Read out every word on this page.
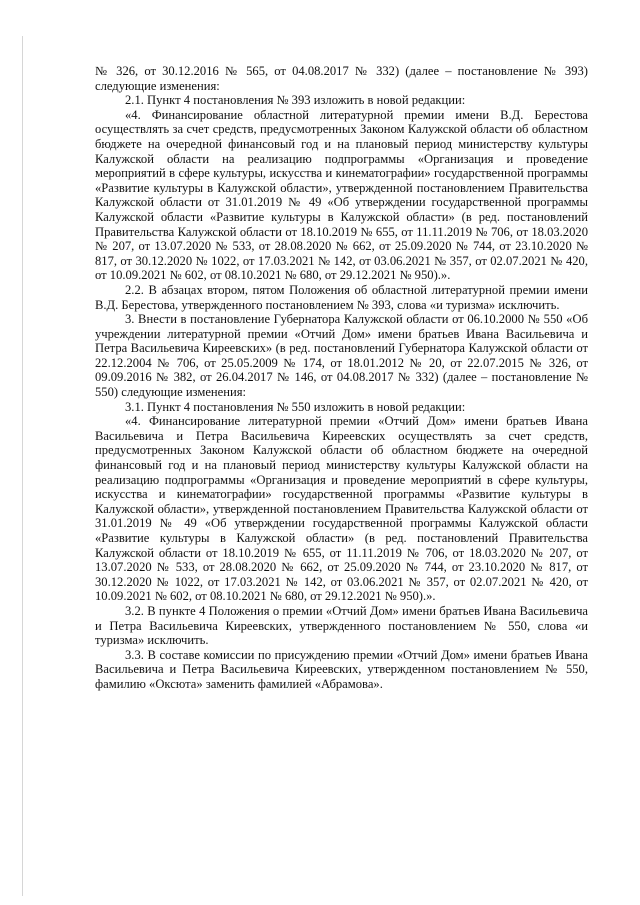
№ 326, от 30.12.2016 № 565, от 04.08.2017 № 332) (далее – постановление № 393) следующие изменения:

2.1. Пункт 4 постановления № 393 изложить в новой редакции:

«4. Финансирование областной литературной премии имени В.Д. Берестова осуществлять за счет средств, предусмотренных Законом Калужской области об областном бюджете на очередной финансовый год и на плановый период министерству культуры Калужской области на реализацию подпрограммы «Организация и проведение мероприятий в сфере культуры, искусства и кинематографии» государственной программы «Развитие культуры в Калужской области», утвержденной постановлением Правительства Калужской области от 31.01.2019 № 49 «Об утверждении государственной программы Калужской области «Развитие культуры в Калужской области» (в ред. постановлений Правительства Калужской области от 18.10.2019 № 655, от 11.11.2019 № 706, от 18.03.2020 № 207, от 13.07.2020 № 533, от 28.08.2020 № 662, от 25.09.2020 № 744, от 23.10.2020 № 817, от 30.12.2020 № 1022, от 17.03.2021 № 142, от 03.06.2021 № 357, от 02.07.2021 № 420, от 10.09.2021 № 602, от 08.10.2021 № 680, от 29.12.2021 № 950).».

2.2. В абзацах втором, пятом Положения об областной литературной премии имени В.Д. Берестова, утвержденного постановлением № 393, слова «и туризма» исключить.

3. Внести в постановление Губернатора Калужской области от 06.10.2000 № 550 «Об учреждении литературной премии «Отчий Дом» имени братьев Ивана Васильевича и Петра Васильевича Киреевских» (в ред. постановлений Губернатора Калужской области от 22.12.2004 № 706, от 25.05.2009 № 174, от 18.01.2012 № 20, от 22.07.2015 № 326, от 09.09.2016 № 382, от 26.04.2017 № 146, от 04.08.2017 № 332) (далее – постановление № 550) следующие изменения:

3.1. Пункт 4 постановления № 550 изложить в новой редакции:

«4. Финансирование литературной премии «Отчий Дом» имени братьев Ивана Васильевича и Петра Васильевича Киреевских осуществлять за счет средств, предусмотренных Законом Калужской области об областном бюджете на очередной финансовый год и на плановый период министерству культуры Калужской области на реализацию подпрограммы «Организация и проведение мероприятий в сфере культуры, искусства и кинематографии» государственной программы «Развитие культуры в Калужской области», утвержденной постановлением Правительства Калужской области от 31.01.2019 № 49 «Об утверждении государственной программы Калужской области «Развитие культуры в Калужской области» (в ред. постановлений Правительства Калужской области от 18.10.2019 № 655, от 11.11.2019 № 706, от 18.03.2020 № 207, от 13.07.2020 № 533, от 28.08.2020 № 662, от 25.09.2020 № 744, от 23.10.2020 № 817, от 30.12.2020 № 1022, от 17.03.2021 № 142, от 03.06.2021 № 357, от 02.07.2021 № 420, от 10.09.2021 № 602, от 08.10.2021 № 680, от 29.12.2021 № 950).».

3.2. В пункте 4 Положения о премии «Отчий Дом» имени братьев Ивана Васильевича и Петра Васильевича Киреевских, утвержденного постановлением № 550, слова «и туризма» исключить.

3.3. В составе комиссии по присуждению премии «Отчий Дом» имени братьев Ивана Васильевича и Петра Васильевича Киреевских, утвержденном постановлением № 550, фамилию «Оксюта» заменить фамилией «Абрамова».
